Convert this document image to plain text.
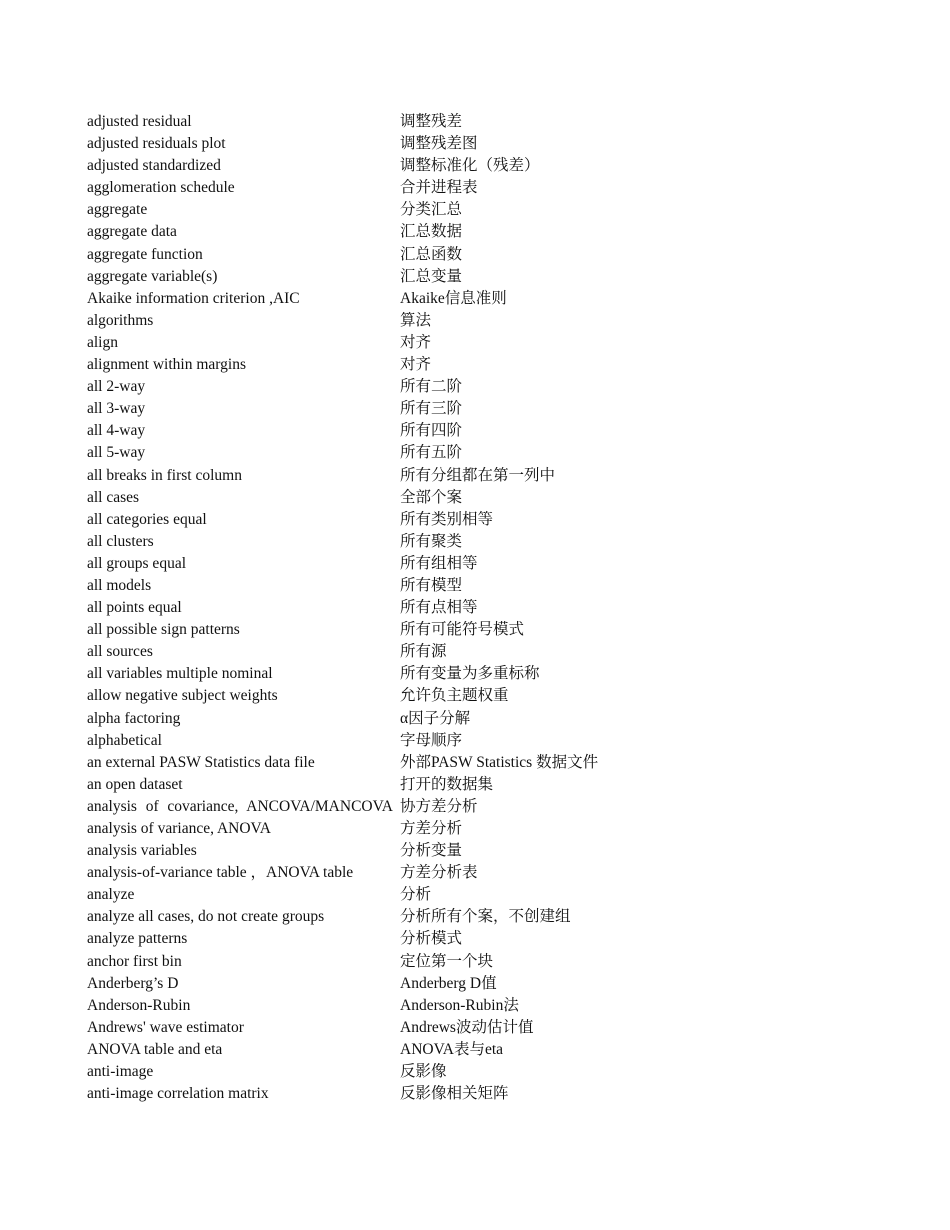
adjusted residual	调整残差
adjusted residuals plot	调整残差图
adjusted standardized	调整标准化（残差）
agglomeration schedule	合并进程表
aggregate	分类汇总
aggregate data	汇总数据
aggregate function	汇总函数
aggregate variable(s)	汇总变量
Akaike information criterion ,AIC	Akaike信息准则
algorithms	算法
align	对齐
alignment within margins	对齐
all 2-way	所有二阶
all 3-way	所有三阶
all 4-way	所有四阶
all 5-way	所有五阶
all breaks in first column	所有分组都在第一列中
all cases	全部个案
all categories equal	所有类别相等
all clusters	所有聚类
all groups equal	所有组相等
all models	所有模型
all points equal	所有点相等
all possible sign patterns	所有可能符号模式
all sources	所有源
all variables multiple nominal	所有变量为多重标称
allow negative subject weights	允许负主题权重
alpha factoring	α因子分解
alphabetical	字母顺序
an external PASW Statistics data file	外部PASW Statistics 数据文件
an open dataset	打开的数据集
analysis of covariance, ANCOVA/MANCOVA 协方差分析
analysis of variance, ANOVA	方差分析
analysis variables	分析变量
analysis-of-variance table ，ANOVA table	方差分析表
analyze	分析
analyze all cases, do not create groups	分析所有个案，不创建组
analyze patterns	分析模式
anchor first bin	定位第一个块
Anderberg’s D	Anderberg D值
Anderson-Rubin	Anderson-Rubin法
Andrews' wave estimator	Andrews波动估计值
ANOVA table and eta	ANOVA表与eta
anti-image	反影像
anti-image correlation matrix	反影像相关矩阵
